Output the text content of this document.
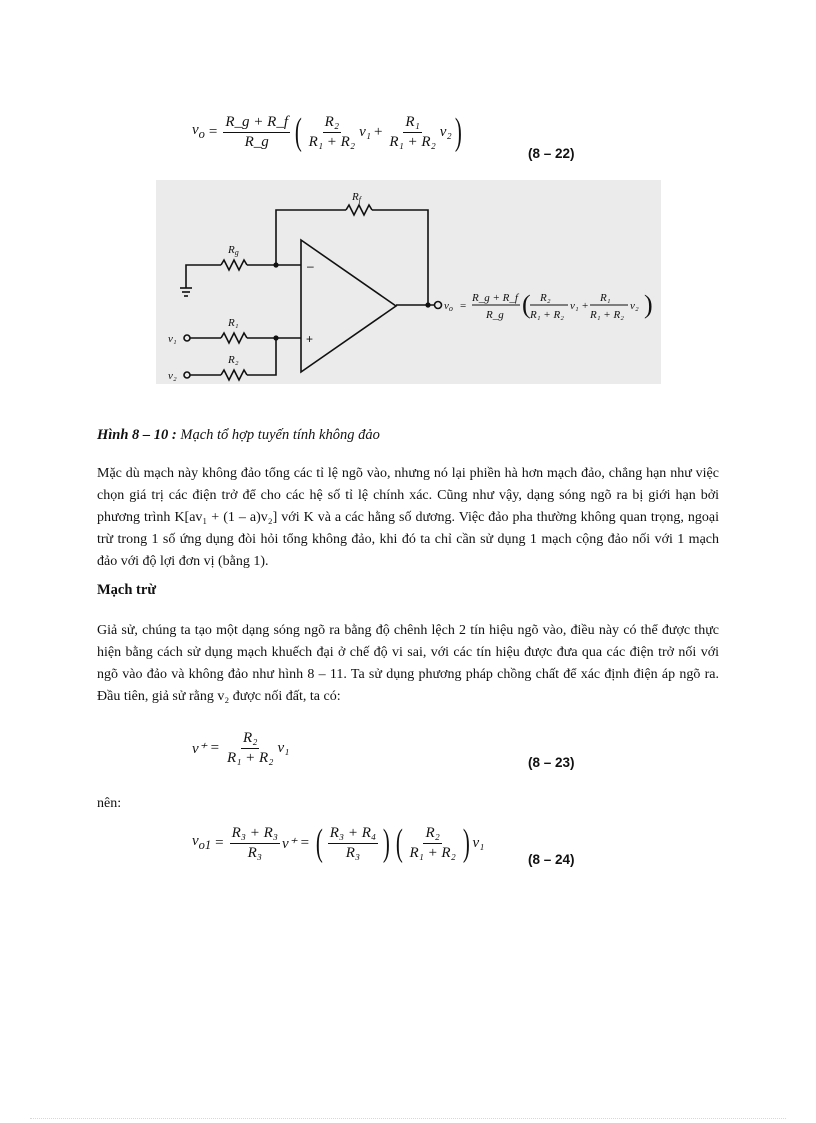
$v_o = \frac{R\_g + R\_f}{R\_g}$ ( $\frac{\text{R₂}}{\text{R₁ + R₂}} v_1 + \frac{\text{R₁}}{\text{R₁ + R₂}} v_2$ )
(8 – 22)
Rf
Rg
R₁
R₂
v₁
v₂
–
+
vo =
R_g + R_f
R_g ( R₂
R₁ + R₂
v₁ +
R₁
R₁ + R₂
v₂ )
Hình 8 – 10 : Mạch tổ hợp tuyến tính không đảo
Mặc dù mạch này không đảo tổng các tỉ lệ ngõ vào, nhưng nó lại phiền hà hơn mạch đảo, chẳng hạn như việc chọn giá trị các điện trở để cho các hệ số tỉ lệ chính xác. Cũng như vậy, dạng sóng ngõ ra bị giới hạn bởi phương trình K[av₁ + (1 – a)v₂] với K và a các hằng số dương. Việc đảo pha thường không quan trọng, ngoại trừ trong 1 số ứng dụng đòi hỏi tổng không đảo, khi đó ta chỉ cần sử dụng 1 mạch cộng đảo nối với 1 mạch đảo với độ lợi đơn vị (bằng 1).
Mạch trừ
Giả sử, chúng ta tạo một dạng sóng ngõ ra bằng độ chênh lệch 2 tín hiệu ngõ vào, điều này có thể được thực hiện bằng cách sử dụng mạch khuếch đại ở chế độ vi sai, với các tín hiệu được đưa qua các điện trở nối với ngõ vào đảo và không đảo như hình 8 – 11. Ta sử dụng phương pháp chồng chất để xác định điện áp ngõ ra. Đầu tiên, giả sử rằng v₂ được nối đất, ta có:
$v^+ = \frac{\text{R₂}}{\text{R₁ + R₂}} v_1$
(8 – 23)
nên:
$v_{o1} = \frac{\text{R₃ + R₃}}{\text{R₃}} v^+$ = ( $\frac{\text{R₃ + R₄}}{\text{R₃}}$ ) ( $\frac{\text{R₂}}{\text{R₁ + R₂}}$ ) v₁
(8 – 24)
